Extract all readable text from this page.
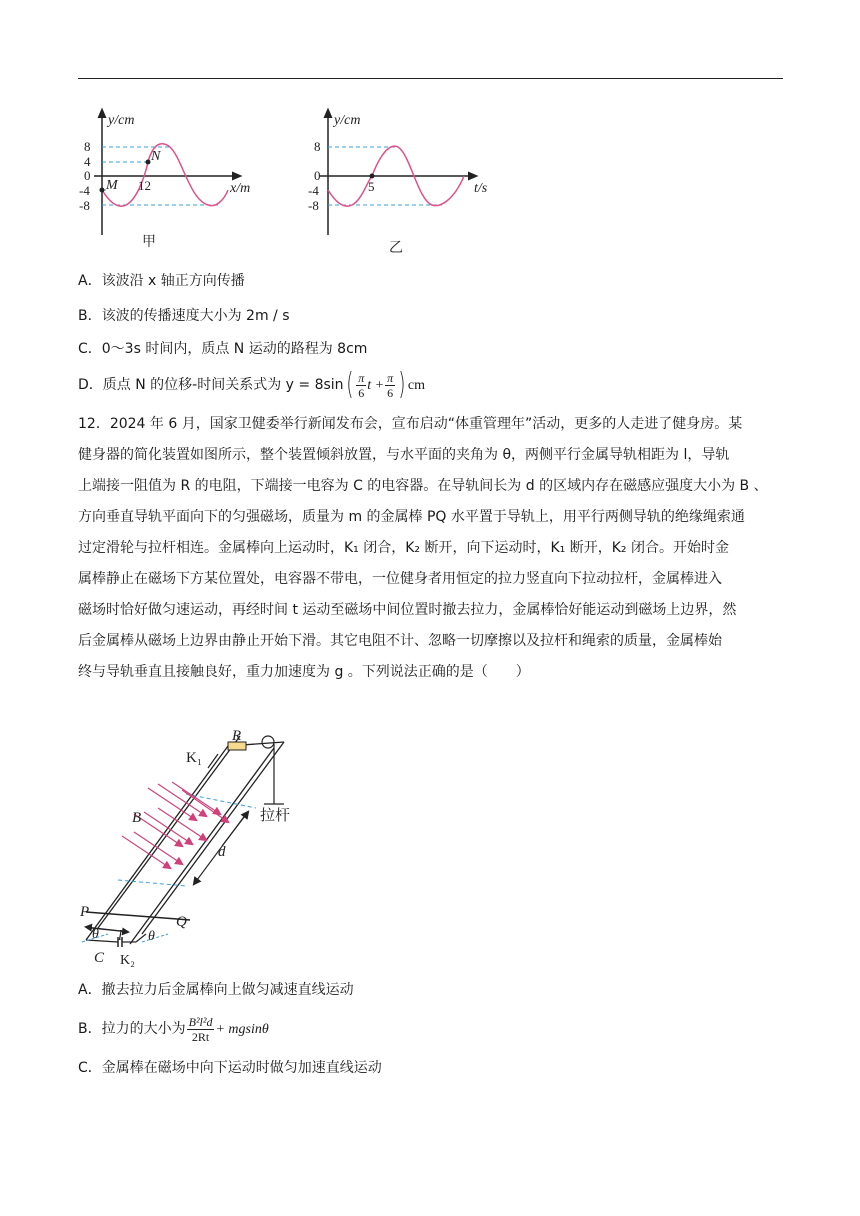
y/cm
x/m
8
4
0
-4
-8
M
N
12
甲
y/cm
t/s
8
0
-4
-8
5
乙
A．该波沿 x 轴正方向传播
B．该波的传播速度大小为 2m / s
C．0～3s 时间内，质点 N 运动的路程为 8cm
D．质点 N 的位移-时间关系式为 $y = 8\sin( \frac{\pi}{6}$ $t + \frac{\pi}{6}$ ) cm

12．2024 年 6 月，国家卫健委举行新闻发布会，宣布启动“体重管理年”活动，更多的人走进了健身房。某

健身器的简化装置如图所示，整个装置倾斜放置，与水平面的夹角为 θ，两侧平行金属导轨相距为 l，导轨

上端接一阻值为 R 的电阻，下端接一电容为 C 的电容器。在导轨间长为 d 的区域内存在磁感应强度大小为 B 、

方向垂直导轨平面向下的匀强磁场，质量为 m 的金属棒 PQ 水平置于导轨上，用平行两侧导轨的绝缘绳索通

过定滑轮与拉杆相连。金属棒向上运动时，K₁ 闭合，K₂ 断开，向下运动时，K₁ 断开，K₂ 闭合。开始时金

属棒静止在磁场下方某位置处，电容器不带电，一位健身者用恒定的拉力竖直向下拉动拉杆，金属棒进入

磁场时恰好做匀速运动，再经时间 t 运动至磁场中间位置时撤去拉力，金属棒恰好能运动到磁场上边界，然

后金属棒从磁场上边界由静止开始下滑。其它电阻不计、忽略一切摩擦以及拉杆和绳索的质量，金属棒始

终与导轨垂直且接触良好，重力加速度为 g 。下列说法正确的是（　　）

R
K₁
B
d
P
Q
l
θ	θ
C K₂
拉杆
A．撤去拉力后金属棒向上做匀减速直线运动
B．拉力的大小为 $\frac{\text{B²l²d}}{2Rt} + mgsin\theta$
C．金属棒在磁场中向下运动时做匀加速直线运动
